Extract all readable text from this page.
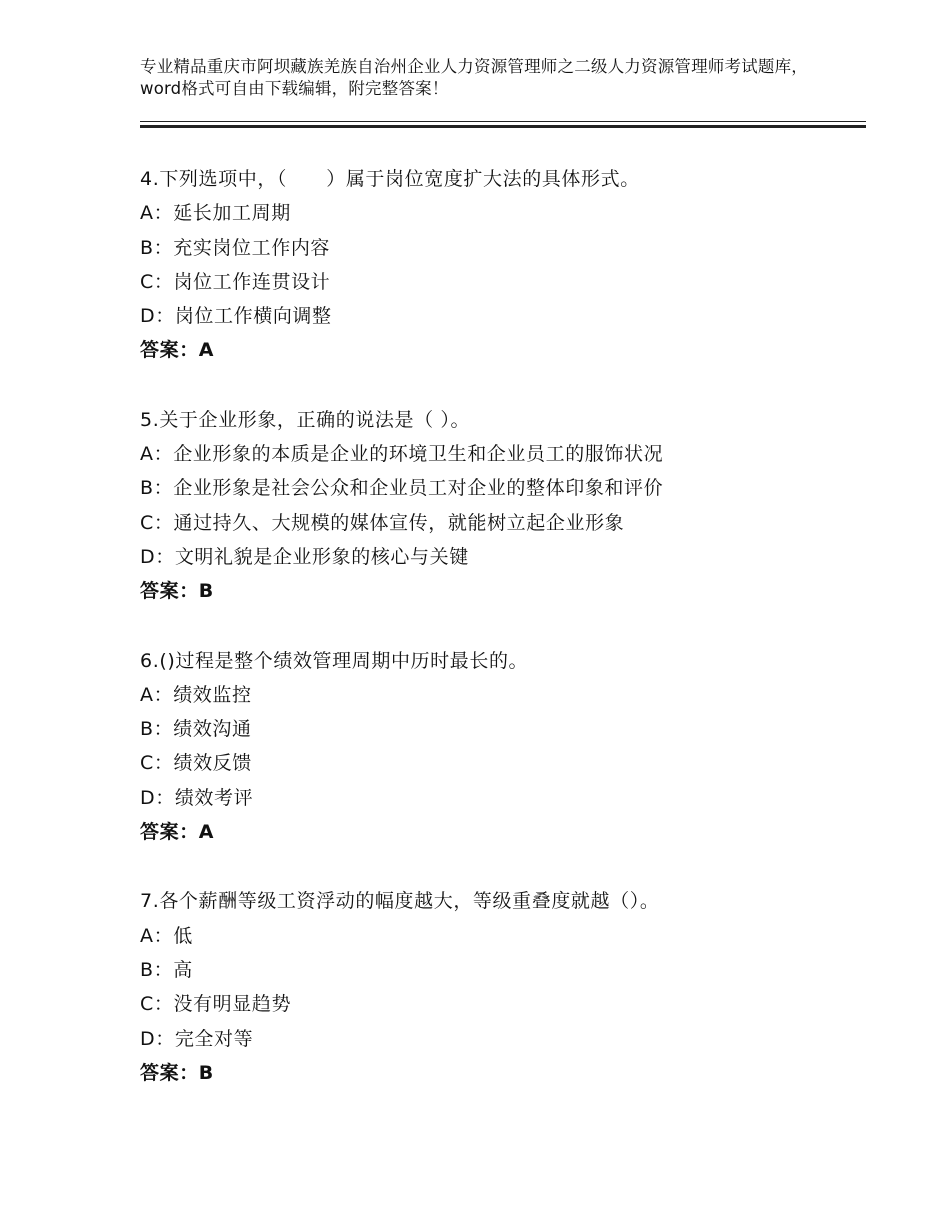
专业精品重庆市阿坝藏族羌族自治州企业人力资源管理师之二级人力资源管理师考试题库，word格式可自由下载编辑，附完整答案！
4.下列选项中，（　　）属于岗位宽度扩大法的具体形式。
A：延长加工周期
B：充实岗位工作内容
C：岗位工作连贯设计
D：岗位工作横向调整
答案：A
5.关于企业形象，正确的说法是（ ）。
A：企业形象的本质是企业的环境卫生和企业员工的服饰状况
B：企业形象是社会公众和企业员工对企业的整体印象和评价
C：通过持久、大规模的媒体宣传，就能树立起企业形象
D：文明礼貌是企业形象的核心与关键
答案：B
6.()过程是整个绩效管理周期中历时最长的。
A：绩效监控
B：绩效沟通
C：绩效反馈
D：绩效考评
答案：A
7.各个薪酬等级工资浮动的幅度越大，等级重叠度就越（）。
A：低
B：高
C：没有明显趋势
D：完全对等
答案：B
